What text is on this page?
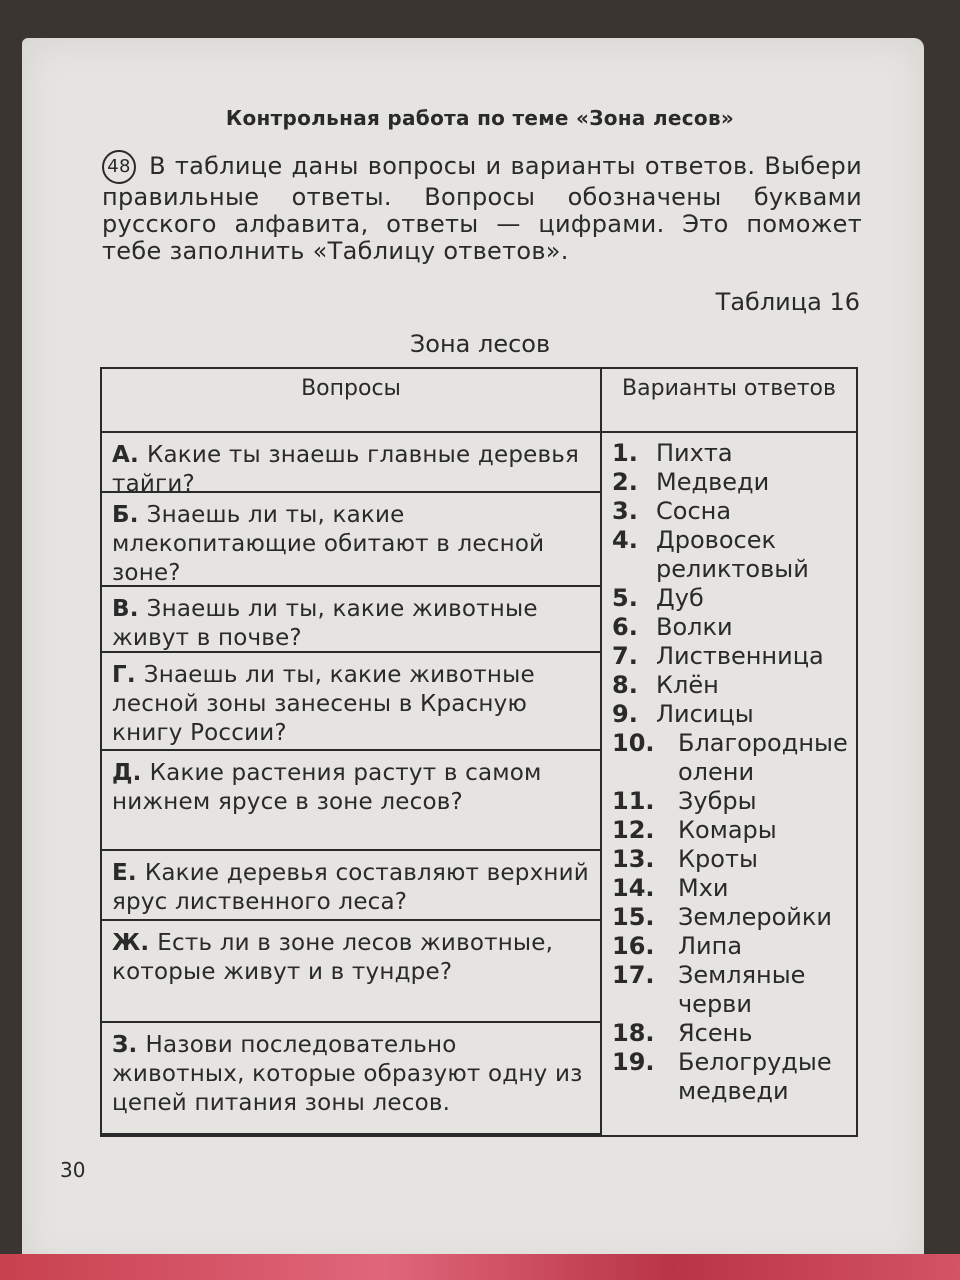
Контрольная работа по теме «Зона лесов»
48 В таблице даны вопросы и варианты ответов. Выбери правильные ответы. Вопросы обозначены буквами русского алфавита, ответы — цифрами. Это поможет тебе заполнить «Таблицу ответов».
Таблица 16
Зона лесов
Вопросы	Варианты ответов
А. Какие ты знаешь главные деревья тайги?
Б. Знаешь ли ты, какие млекопитающие обитают в лесной зоне?
В. Знаешь ли ты, какие животные живут в почве?
Г. Знаешь ли ты, какие животные лесной зоны занесены в Красную книгу России?
Д. Какие растения растут в самом нижнем ярусе в зоне лесов?
Е. Какие деревья составляют верхний ярус лиственного леса?
Ж. Есть ли в зоне лесов животные, которые живут и в тундре?
З. Назови последовательно животных, которые образуют одну из цепей питания зоны лесов.
1. Пихта
2. Медведи
3. Сосна
4. Дровосек реликтовый
5. Дуб
6. Волки
7. Лиственница
8. Клён
9. Лисицы
10. Благородные олени
11. Зубры
12. Комары
13. Кроты
14. Мхи
15. Землеройки
16. Липа
17. Земляные черви
18. Ясень
19. Белогрудые медведи
30
